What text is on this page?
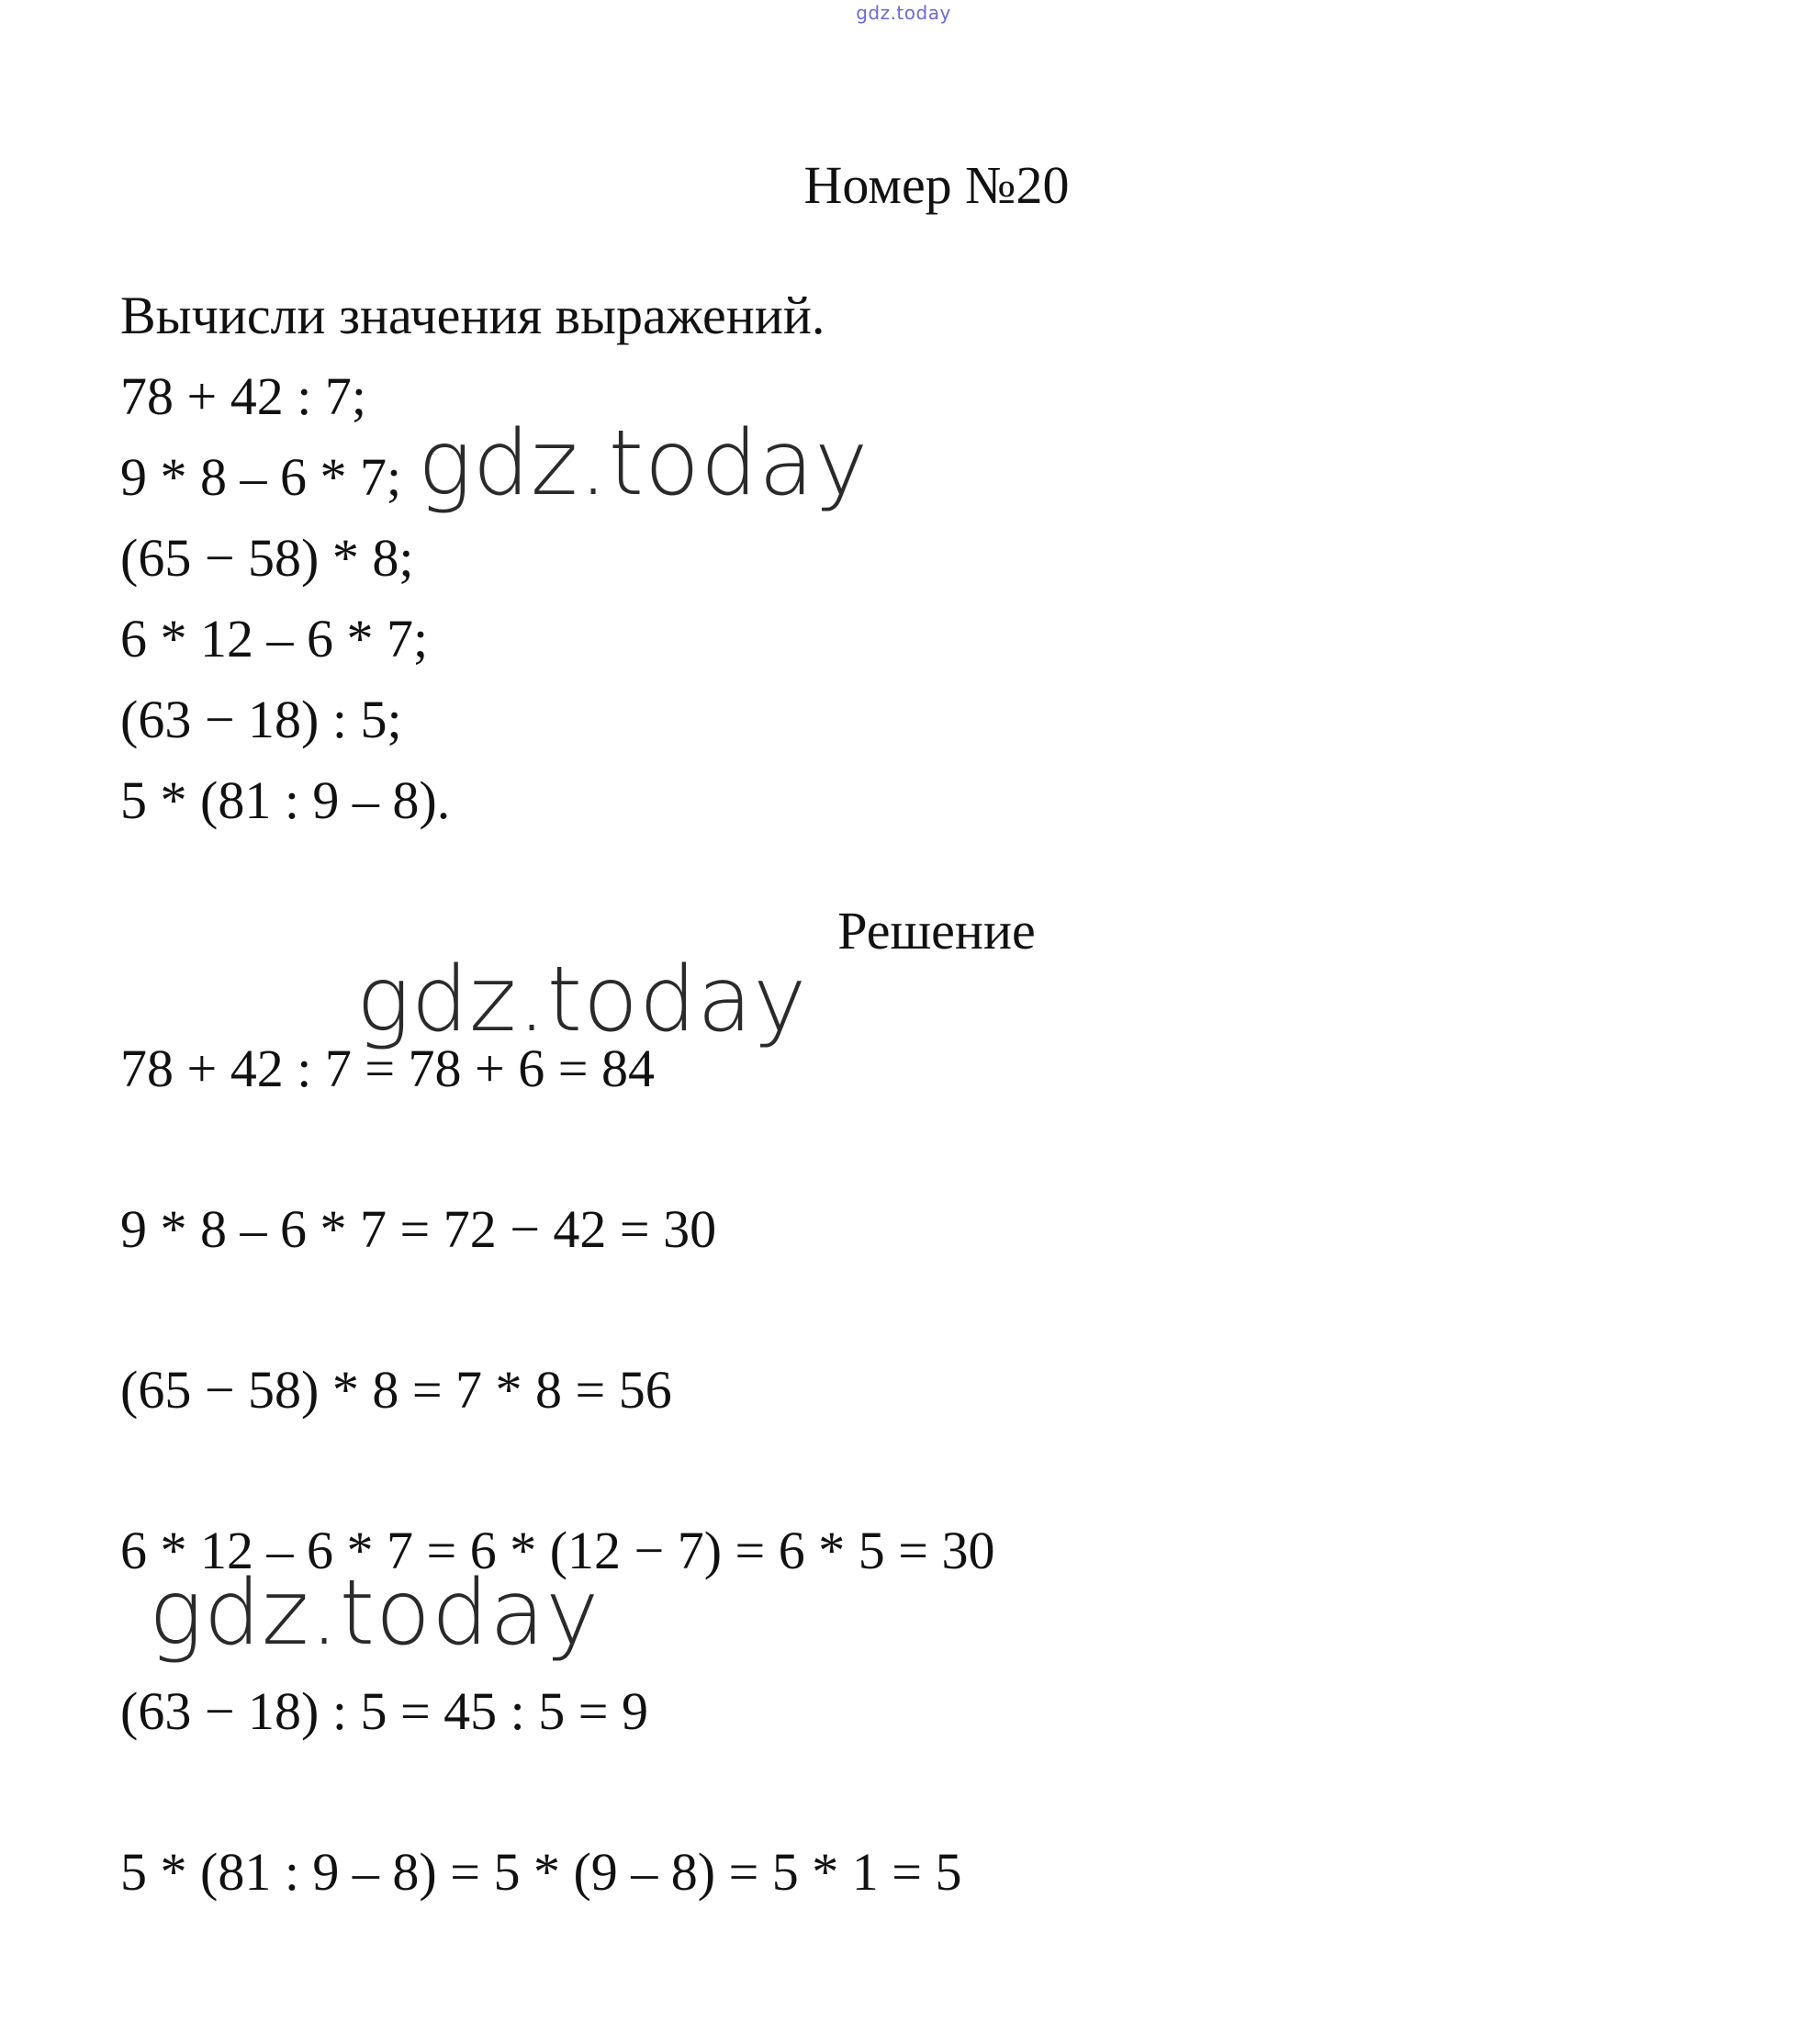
gdz.today
Номер №20
Вычисли значения выражений.
78 + 42 : 7;
9 * 8 – 6 * 7;
(65 − 58) * 8;
6 * 12 – 6 * 7;
(63 − 18) : 5;
5 * (81 : 9 – 8).
gdz.today
Решение
gdz.today
78 + 42 : 7 = 78 + 6 = 84
9 * 8 – 6 * 7 = 72 − 42 = 30
(65 − 58) * 8 = 7 * 8 = 56
6 * 12 – 6 * 7 = 6 * (12 − 7) = 6 * 5 = 30
gdz.today
(63 − 18) : 5 = 45 : 5 = 9
5 * (81 : 9 – 8) = 5 * (9 – 8) = 5 * 1 = 5
